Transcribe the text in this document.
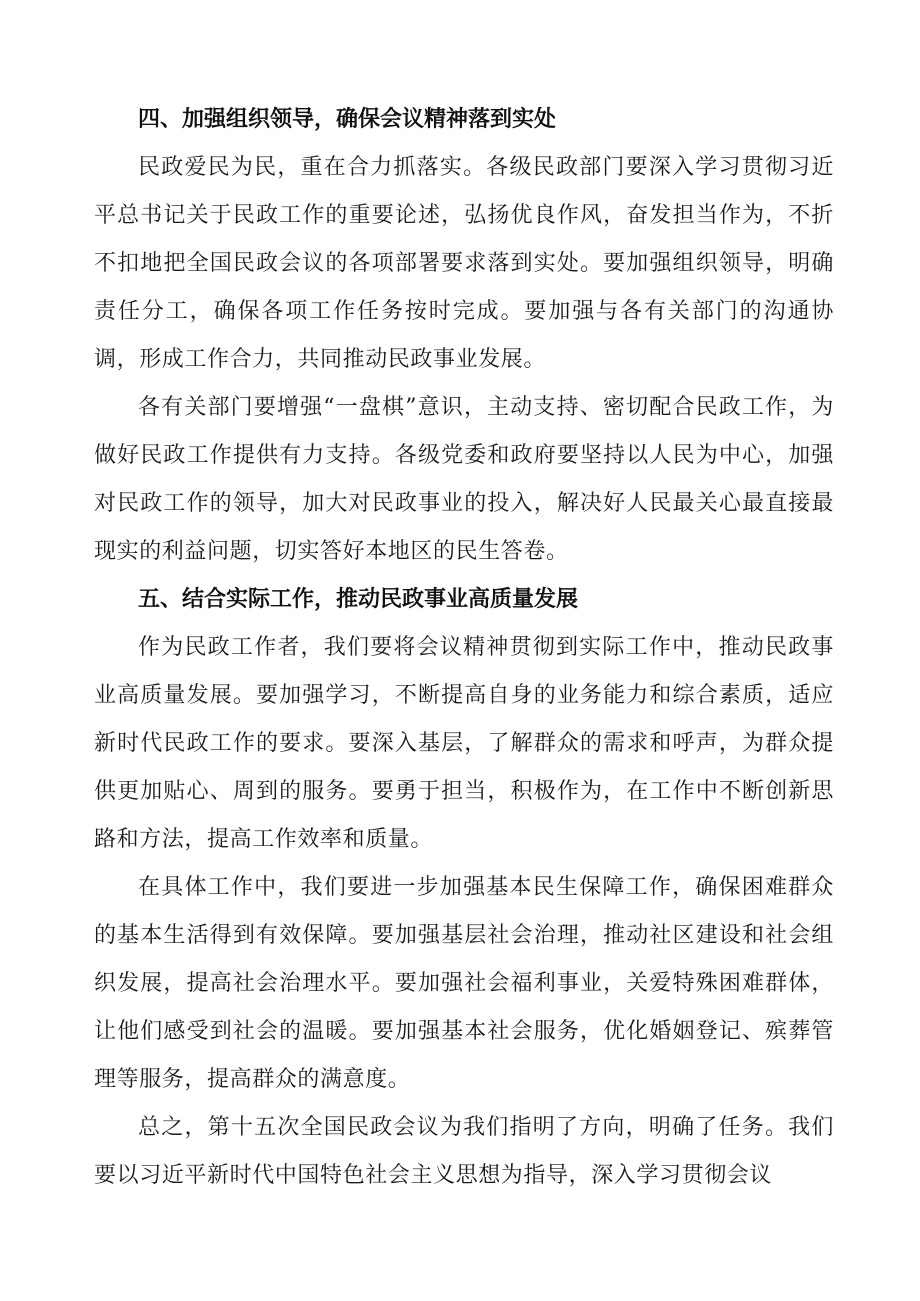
四、加强组织领导，确保会议精神落到实处

民政爱民为民，重在合力抓落实。各级民政部门要深入学习贯彻习近平总书记关于民政工作的重要论述，弘扬优良作风，奋发担当作为，不折不扣地把全国民政会议的各项部署要求落到实处。要加强组织领导，明确责任分工，确保各项工作任务按时完成。要加强与各有关部门的沟通协调，形成工作合力，共同推动民政事业发展。

各有关部门要增强“一盘棋”意识，主动支持、密切配合民政工作，为做好民政工作提供有力支持。各级党委和政府要坚持以人民为中心，加强对民政工作的领导，加大对民政事业的投入，解决好人民最关心最直接最现实的利益问题，切实答好本地区的民生答卷。

五、结合实际工作，推动民政事业高质量发展

作为民政工作者，我们要将会议精神贯彻到实际工作中，推动民政事业高质量发展。要加强学习，不断提高自身的业务能力和综合素质，适应新时代民政工作的要求。要深入基层，了解群众的需求和呼声，为群众提供更加贴心、周到的服务。要勇于担当，积极作为，在工作中不断创新思路和方法，提高工作效率和质量。

在具体工作中，我们要进一步加强基本民生保障工作，确保困难群众的基本生活得到有效保障。要加强基层社会治理，推动社区建设和社会组织发展，提高社会治理水平。要加强社会福利事业，关爱特殊困难群体，让他们感受到社会的温暖。要加强基本社会服务，优化婚姻登记、殡葬管理等服务，提高群众的满意度。

总之，第十五次全国民政会议为我们指明了方向，明确了任务。我们要以习近平新时代中国特色社会主义思想为指导，深入学习贯彻会议
